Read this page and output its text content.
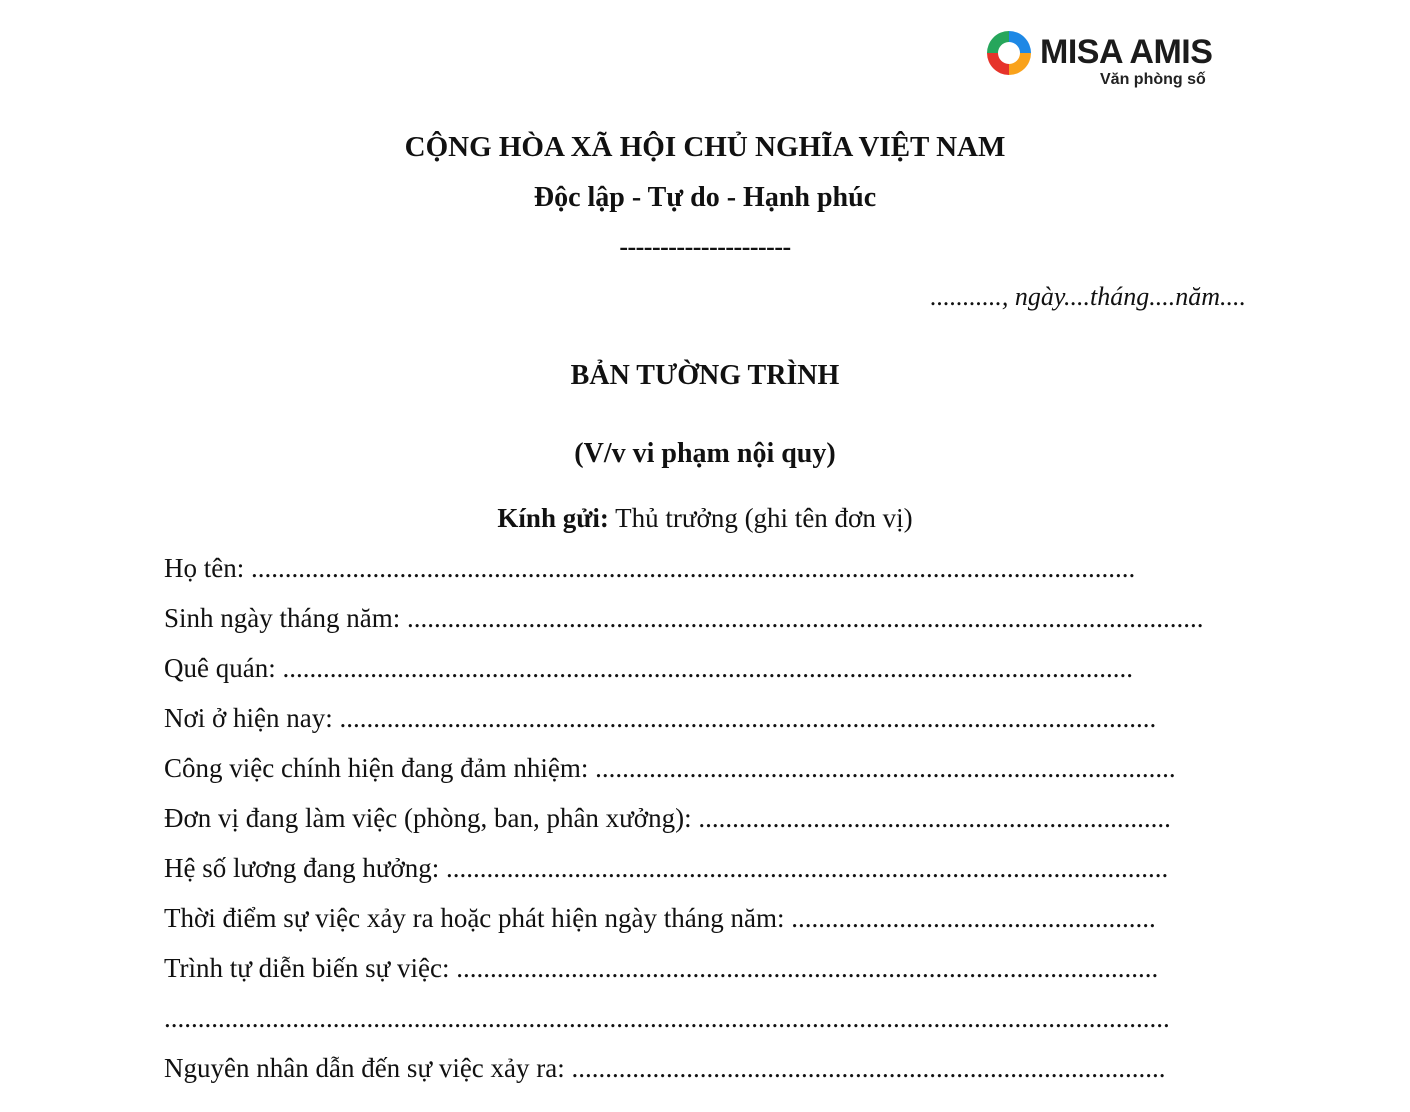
MISA AMIS
Văn phòng số
CỘNG HÒA XÃ HỘI CHỦ NGHĨA VIỆT NAM
Độc lập - Tự do - Hạnh phúc
---------------------
..........., ngày....tháng....năm....
BẢN TƯỜNG TRÌNH
(V/v vi phạm nội quy)
Kính gửi: Thủ trưởng (ghi tên đơn vị)
Họ tên: ...................................................................................................................................
Sinh ngày tháng năm: ......................................................................................................................
Quê quán: ..............................................................................................................................
Nơi ở hiện nay: .........................................................................................................................
Công việc chính hiện đang đảm nhiệm: ......................................................................................
Đơn vị đang làm việc (phòng, ban, phân xưởng): ......................................................................
Hệ số lương đang hưởng: ...........................................................................................................
Thời điểm sự việc xảy ra hoặc phát hiện ngày tháng năm: ......................................................
Trình tự diễn biến sự việc: ........................................................................................................
.....................................................................................................................................................
Nguyên nhân dẫn đến sự việc xảy ra: ........................................................................................
